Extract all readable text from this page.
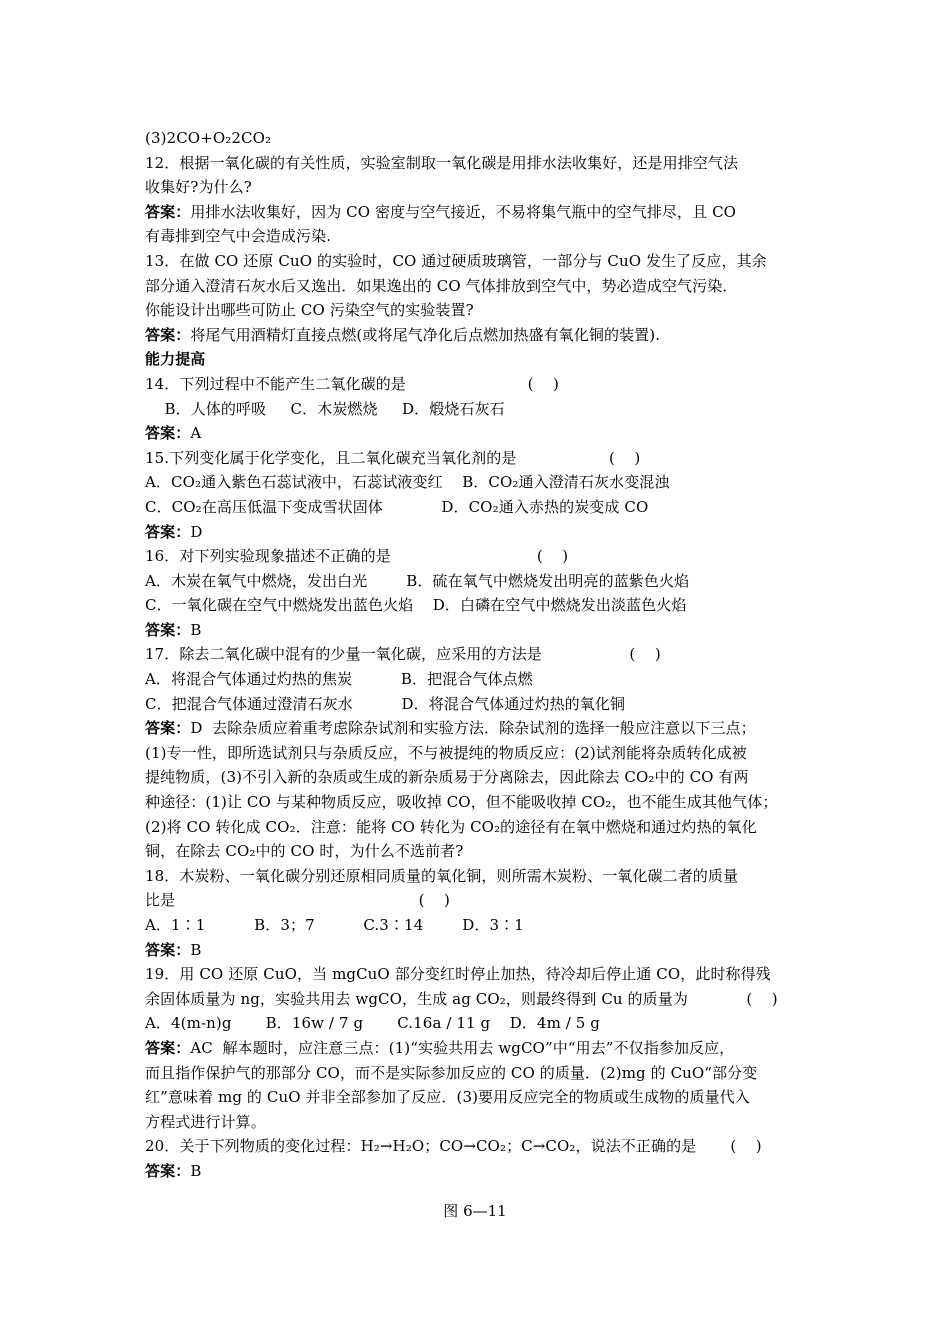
(3)2CO+O₂2CO₂
12．根据一氧化碳的有关性质，实验室制取一氧化碳是用排水法收集好，还是用排空气法
收集好?为什么?
答案：用排水法收集好，因为 CO 密度与空气接近，不易将集气瓶中的空气排尽，且 CO
有毒排到空气中会造成污染.
13．在做 CO 还原 CuO 的实验时，CO 通过硬质玻璃管，一部分与 CuO 发生了反应，其余
部分通入澄清石灰水后又逸出．如果逸出的 CO 气体排放到空气中，势必造成空气污染．
你能设计出哪些可防止 CO 污染空气的实验装置?
答案：将尾气用酒精灯直接点燃(或将尾气净化后点燃加热盛有氧化铜的装置).
能力提高
14．下列过程中不能产生二氧化碳的是                         (    )
B．人体的呼吸     C．木炭燃烧     D．煅烧石灰石
答案：A
15.下列变化属于化学变化，且二氧化碳充当氧化剂的是                   (    )
A．CO₂通入紫色石蕊试液中，石蕊试液变红    B．CO₂通入澄清石灰水变混浊
C．CO₂在高压低温下变成雪状固体            D．CO₂通入赤热的炭变成 CO
答案：D
16．对下列实验现象描述不正确的是                              (    )
A．木炭在氧气中燃烧，发出白光        B．硫在氧气中燃烧发出明亮的蓝紫色火焰
C．一氧化碳在空气中燃烧发出蓝色火焰    D．白磷在空气中燃烧发出淡蓝色火焰
答案：B
17．除去二氧化碳中混有的少量一氧化碳，应采用的方法是                  (    )
A．将混合气体通过灼热的焦炭          B．把混合气体点燃
C．把混合气体通过澄清石灰水          D．将混合气体通过灼热的氧化铜
答案：D  去除杂质应着重考虑除杂试剂和实验方法．除杂试剂的选择一般应注意以下三点；
(1)专一性，即所选试剂只与杂质反应，不与被提纯的物质反应：(2)试剂能将杂质转化成被
提纯物质，(3)不引入新的杂质或生成的新杂质易于分离除去，因此除去 CO₂中的 CO 有两
种途径：(1)让 CO 与某种物质反应，吸收掉 CO，但不能吸收掉 CO₂，也不能生成其他气体；
(2)将 CO 转化成 CO₂．注意：能将 CO 转化为 CO₂的途径有在氧中燃烧和通过灼热的氧化
铜，在除去 CO₂中的 CO 时，为什么不选前者?
18．木炭粉、一氧化碳分别还原相同质量的氧化铜，则所需木炭粉、一氧化碳二者的质量
比是                                                  (    )
A．1∶1          B．3；7          C.3∶14        D．3∶1
答案：B
19．用 CO 还原 CuO，当 mgCuO 部分变红时停止加热，待冷却后停止通 CO，此时称得残
余固体质量为 ng，实验共用去 wgCO，生成 ag CO₂，则最终得到 Cu 的质量为            (    )
A．4(m-n)g       B．16w / 7 g       C.16a / 11 g    D．4m / 5 g
答案：AC  解本题时，应注意三点：(1)“实验共用去 wgCO”中“用去”不仅指参加反应，
而且指作保护气的那部分 CO，而不是实际参加反应的 CO 的质量．(2)mg 的 CuO“部分变
红”意味着 mg 的 CuO 并非全部参加了反应．(3)要用反应完全的物质或生成物的质量代入
方程式进行计算。
20．关于下列物质的变化过程：H₂→H₂O；CO→CO₂；C→CO₂，说法不正确的是       (    )
答案：B
图 6—11
